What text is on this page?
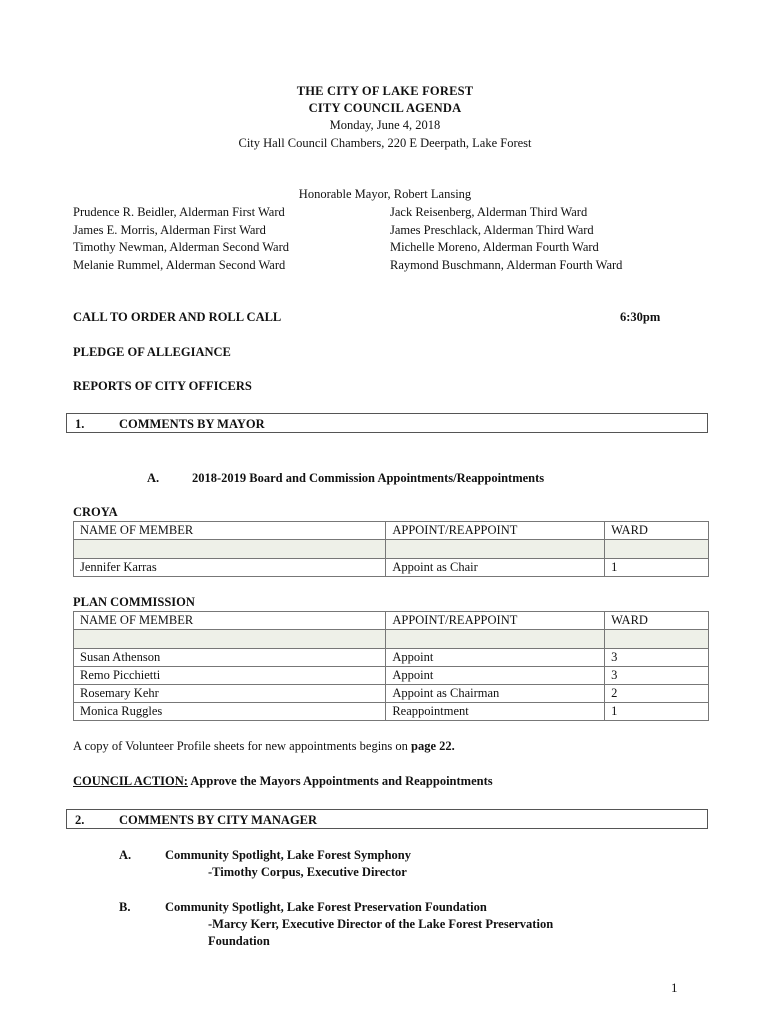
THE CITY OF LAKE FOREST
CITY COUNCIL AGENDA
Monday, June 4, 2018
City Hall Council Chambers, 220 E Deerpath, Lake Forest
Honorable Mayor, Robert Lansing
Prudence R. Beidler, Alderman First Ward
James E. Morris, Alderman First Ward
Timothy Newman, Alderman Second Ward
Melanie Rummel, Alderman Second Ward
Jack Reisenberg, Alderman Third Ward
James Preschlack, Alderman Third Ward
Michelle Moreno, Alderman Fourth Ward
Raymond Buschmann, Alderman Fourth Ward
CALL TO ORDER AND ROLL CALL	6:30pm
PLEDGE OF ALLEGIANCE
REPORTS OF CITY OFFICERS
1.	COMMENTS BY MAYOR
A.	2018-2019 Board and Commission Appointments/Reappointments
CROYA
NAME OF MEMBER	APPOINT/REAPPOINT	WARD

Jennifer Karras	Appoint as Chair	1
PLAN COMMISSION
NAME OF MEMBER	APPOINT/REAPPOINT	WARD

Susan Athenson	Appoint	3
Remo Picchietti	Appoint	3
Rosemary Kehr	Appoint as Chairman	2
Monica Ruggles	Reappointment	1
A copy of Volunteer Profile sheets for new appointments begins on page 22.
COUNCIL ACTION: Approve the Mayors Appointments and Reappointments
2.	COMMENTS BY CITY MANAGER
A.	Community Spotlight, Lake Forest Symphony
-Timothy Corpus, Executive Director
B.	Community Spotlight, Lake Forest Preservation Foundation
-Marcy Kerr, Executive Director of the Lake Forest Preservation
Foundation
1
